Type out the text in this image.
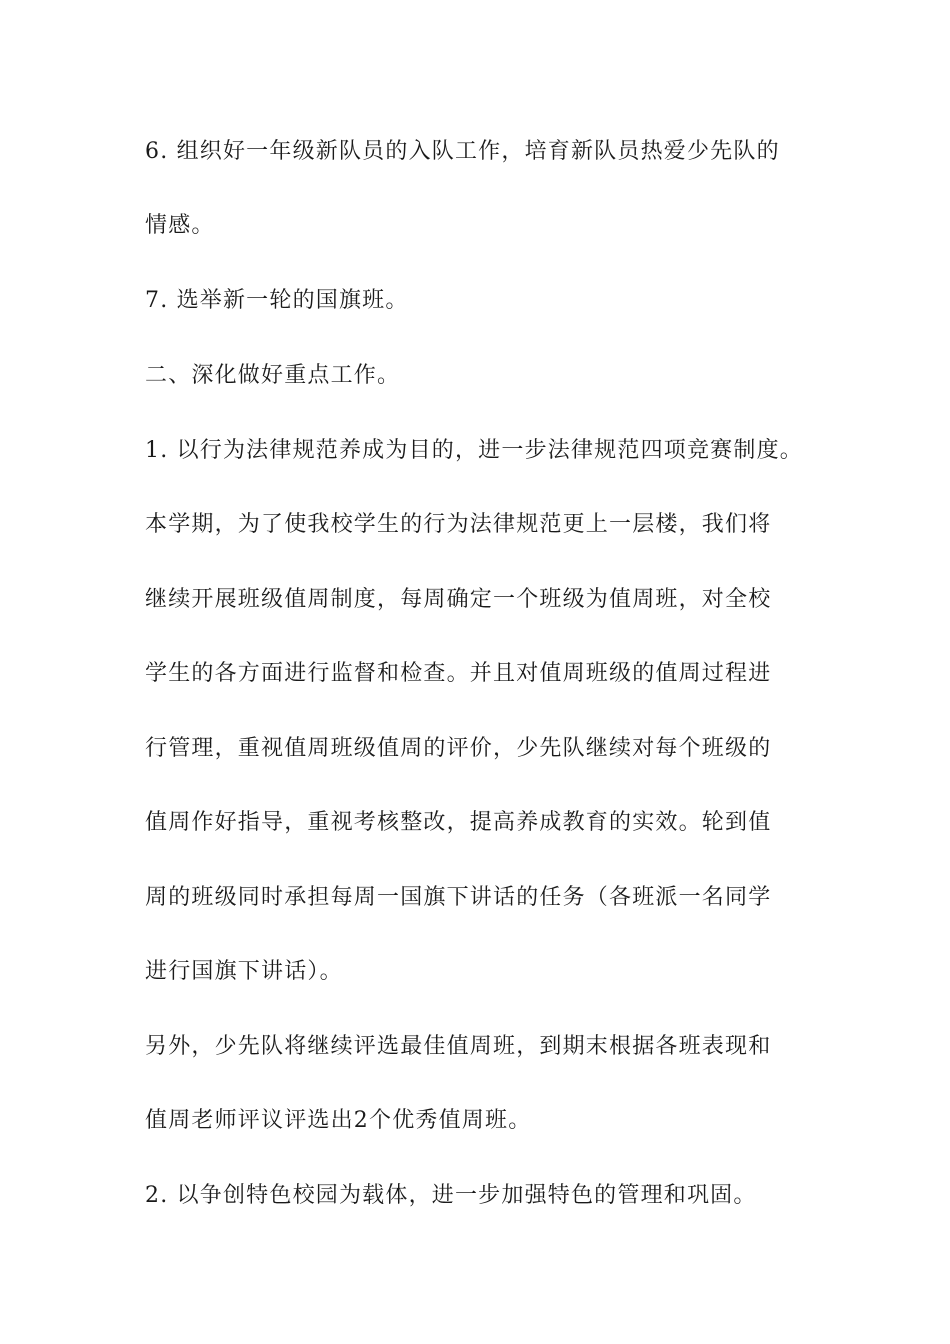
6. 组织好一年级新队员的入队工作，培育新队员热爱少先队的
情感。
7. 选举新一轮的国旗班。
二、深化做好重点工作。
1. 以行为法律规范养成为目的，进一步法律规范四项竞赛制度。
本学期，为了使我校学生的行为法律规范更上一层楼，我们将
继续开展班级值周制度，每周确定一个班级为值周班，对全校
学生的各方面进行监督和检查。并且对值周班级的值周过程进
行管理，重视值周班级值周的评价，少先队继续对每个班级的
值周作好指导，重视考核整改，提高养成教育的实效。轮到值
周的班级同时承担每周一国旗下讲话的任务（各班派一名同学
进行国旗下讲话）。
另外，少先队将继续评选最佳值周班，到期末根据各班表现和
值周老师评议评选出2个优秀值周班。
2. 以争创特色校园为载体，进一步加强特色的管理和巩固。
